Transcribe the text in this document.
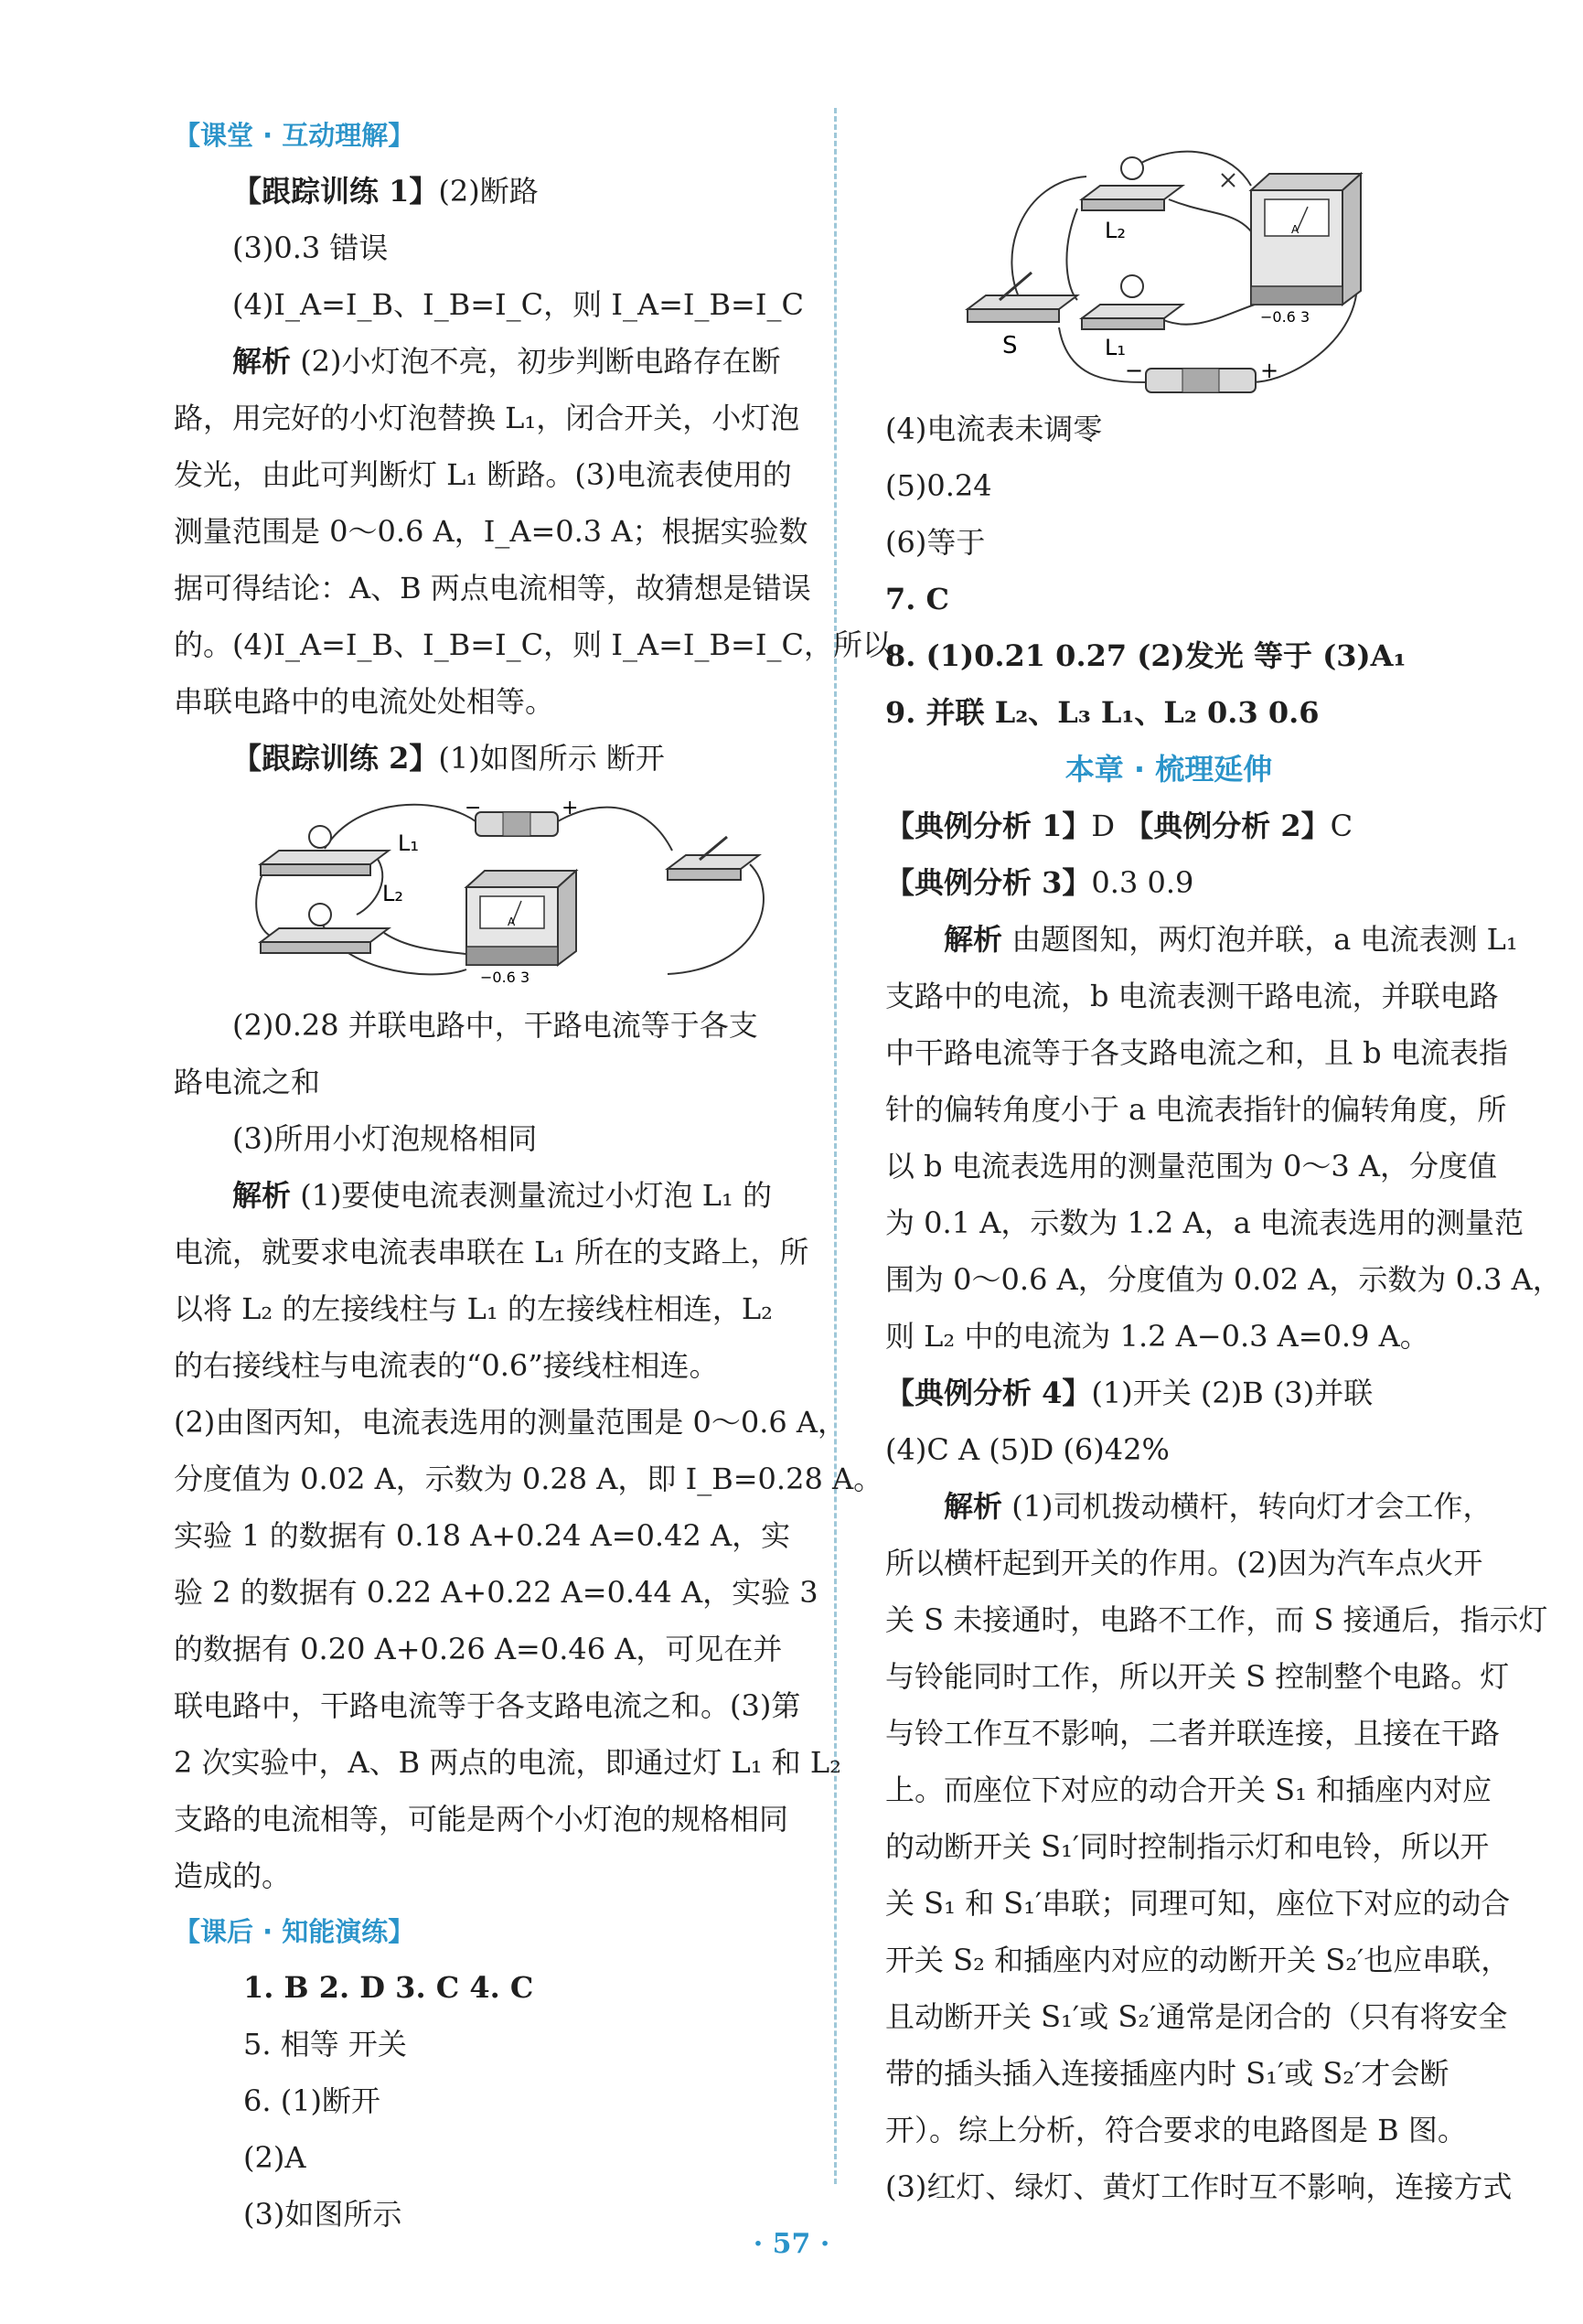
【课堂 · 互动理解】
【跟踪训练 1】(2)断路
(3)0.3 错误
(4)I_A=I_B、I_B=I_C，则 I_A=I_B=I_C
解析 (2)小灯泡不亮，初步判断电路存在断
路，用完好的小灯泡替换 L₁，闭合开关，小灯泡
发光，由此可判断灯 L₁ 断路。(3)电流表使用的
测量范围是 0～0.6 A，I_A=0.3 A；根据实验数
据可得结论：A、B 两点电流相等，故猜想是错误
的。(4)I_A=I_B、I_B=I_C，则 I_A=I_B=I_C，所以
串联电路中的电流处处相等。
【跟踪训练 2】(1)如图所示 断开
−	+
L₁
L₂
A
−0.6 3
(2)0.28 并联电路中，干路电流等于各支
路电流之和
(3)所用小灯泡规格相同
解析 (1)要使电流表测量流过小灯泡 L₁ 的
电流，就要求电流表串联在 L₁ 所在的支路上，所
以将 L₂ 的左接线柱与 L₁ 的左接线柱相连，L₂
的右接线柱与电流表的“0.6”接线柱相连。
(2)由图丙知，电流表选用的测量范围是 0～0.6 A，
分度值为 0.02 A，示数为 0.28 A，即 I_B=0.28 A。
实验 1 的数据有 0.18 A+0.24 A=0.42 A，实
验 2 的数据有 0.22 A+0.22 A=0.44 A，实验 3
的数据有 0.20 A+0.26 A=0.46 A，可见在并
联电路中，干路电流等于各支路电流之和。(3)第
2 次实验中，A、B 两点的电流，即通过灯 L₁ 和 L₂
支路的电流相等，可能是两个小灯泡的规格相同
造成的。
【课后 · 知能演练】
1. B 2. D 3. C 4. C
5. 相等 开关
6. (1)断开
(2)A
(3)如图所示
S
L₂
L₁
A
−0.6 3
−	+
(4)电流表未调零
(5)0.24
(6)等于
7. C
8. (1)0.21 0.27 (2)发光 等于 (3)A₁
9. 并联 L₂、L₃ L₁、L₂ 0.3 0.6
本章 · 梳理延伸
【典例分析 1】D 【典例分析 2】C
【典例分析 3】0.3 0.9
解析 由题图知，两灯泡并联，a 电流表测 L₁
支路中的电流，b 电流表测干路电流，并联电路
中干路电流等于各支路电流之和，且 b 电流表指
针的偏转角度小于 a 电流表指针的偏转角度，所
以 b 电流表选用的测量范围为 0～3 A，分度值
为 0.1 A，示数为 1.2 A，a 电流表选用的测量范
围为 0～0.6 A，分度值为 0.02 A，示数为 0.3 A，
则 L₂ 中的电流为 1.2 A−0.3 A=0.9 A。
【典例分析 4】(1)开关 (2)B (3)并联
(4)C A (5)D (6)42%
解析 (1)司机拨动横杆，转向灯才会工作，
所以横杆起到开关的作用。(2)因为汽车点火开
关 S 未接通时，电路不工作，而 S 接通后，指示灯
与铃能同时工作，所以开关 S 控制整个电路。灯
与铃工作互不影响，二者并联连接，且接在干路
上。而座位下对应的动合开关 S₁ 和插座内对应
的动断开关 S₁′同时控制指示灯和电铃，所以开
关 S₁ 和 S₁′串联；同理可知，座位下对应的动合
开关 S₂ 和插座内对应的动断开关 S₂′也应串联，
且动断开关 S₁′或 S₂′通常是闭合的（只有将安全
带的插头插入连接插座内时 S₁′或 S₂′才会断
开）。综上分析，符合要求的电路图是 B 图。
(3)红灯、绿灯、黄灯工作时互不影响，连接方式
· 57 ·
